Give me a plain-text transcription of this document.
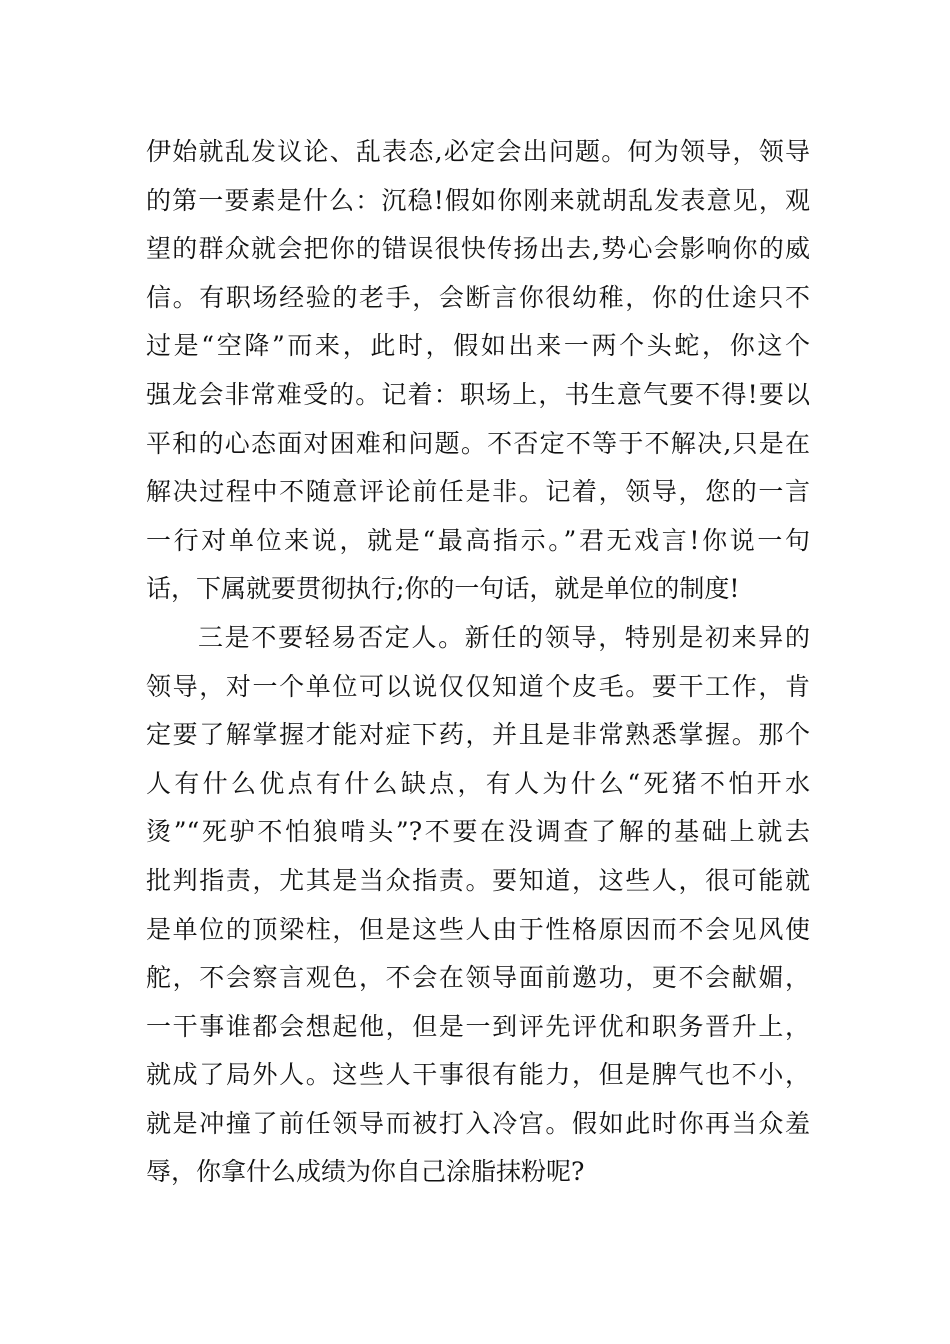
伊始就乱发议论、乱表态,必定会出问题。何为领导，领导
的第一要素是什么：沉稳!假如你刚来就胡乱发表意见，观
望的群众就会把你的错误很快传扬出去,势心会影响你的威
信。有职场经验的老手，会断言你很幼稚，你的仕途只不
过是“空降”而来，此时，假如出来一两个头蛇，你这个
强龙会非常难受的。记着：职场上，书生意气要不得!要以
平和的心态面对困难和问题。不否定不等于不解决,只是在
解决过程中不随意评论前任是非。记着，领导，您的一言
一行对单位来说，就是“最高指示。”君无戏言!你说一句
话，下属就要贯彻执行;你的一句话，就是单位的制度!
三是不要轻易否定人。新任的领导，特别是初来异的
领导，对一个单位可以说仅仅知道个皮毛。要干工作，肯
定要了解掌握才能对症下药，并且是非常熟悉掌握。那个
人有什么优点有什么缺点，有人为什么“死猪不怕开水
烫”“死驴不怕狼啃头”?不要在没调查了解的基础上就去
批判指责，尤其是当众指责。要知道，这些人，很可能就
是单位的顶梁柱，但是这些人由于性格原因而不会见风使
舵，不会察言观色，不会在领导面前邀功，更不会献媚，
一干事谁都会想起他，但是一到评先评优和职务晋升上，
就成了局外人。这些人干事很有能力，但是脾气也不小，
就是冲撞了前任领导而被打入冷宫。假如此时你再当众羞
辱，你拿什么成绩为你自己涂脂抹粉呢?
